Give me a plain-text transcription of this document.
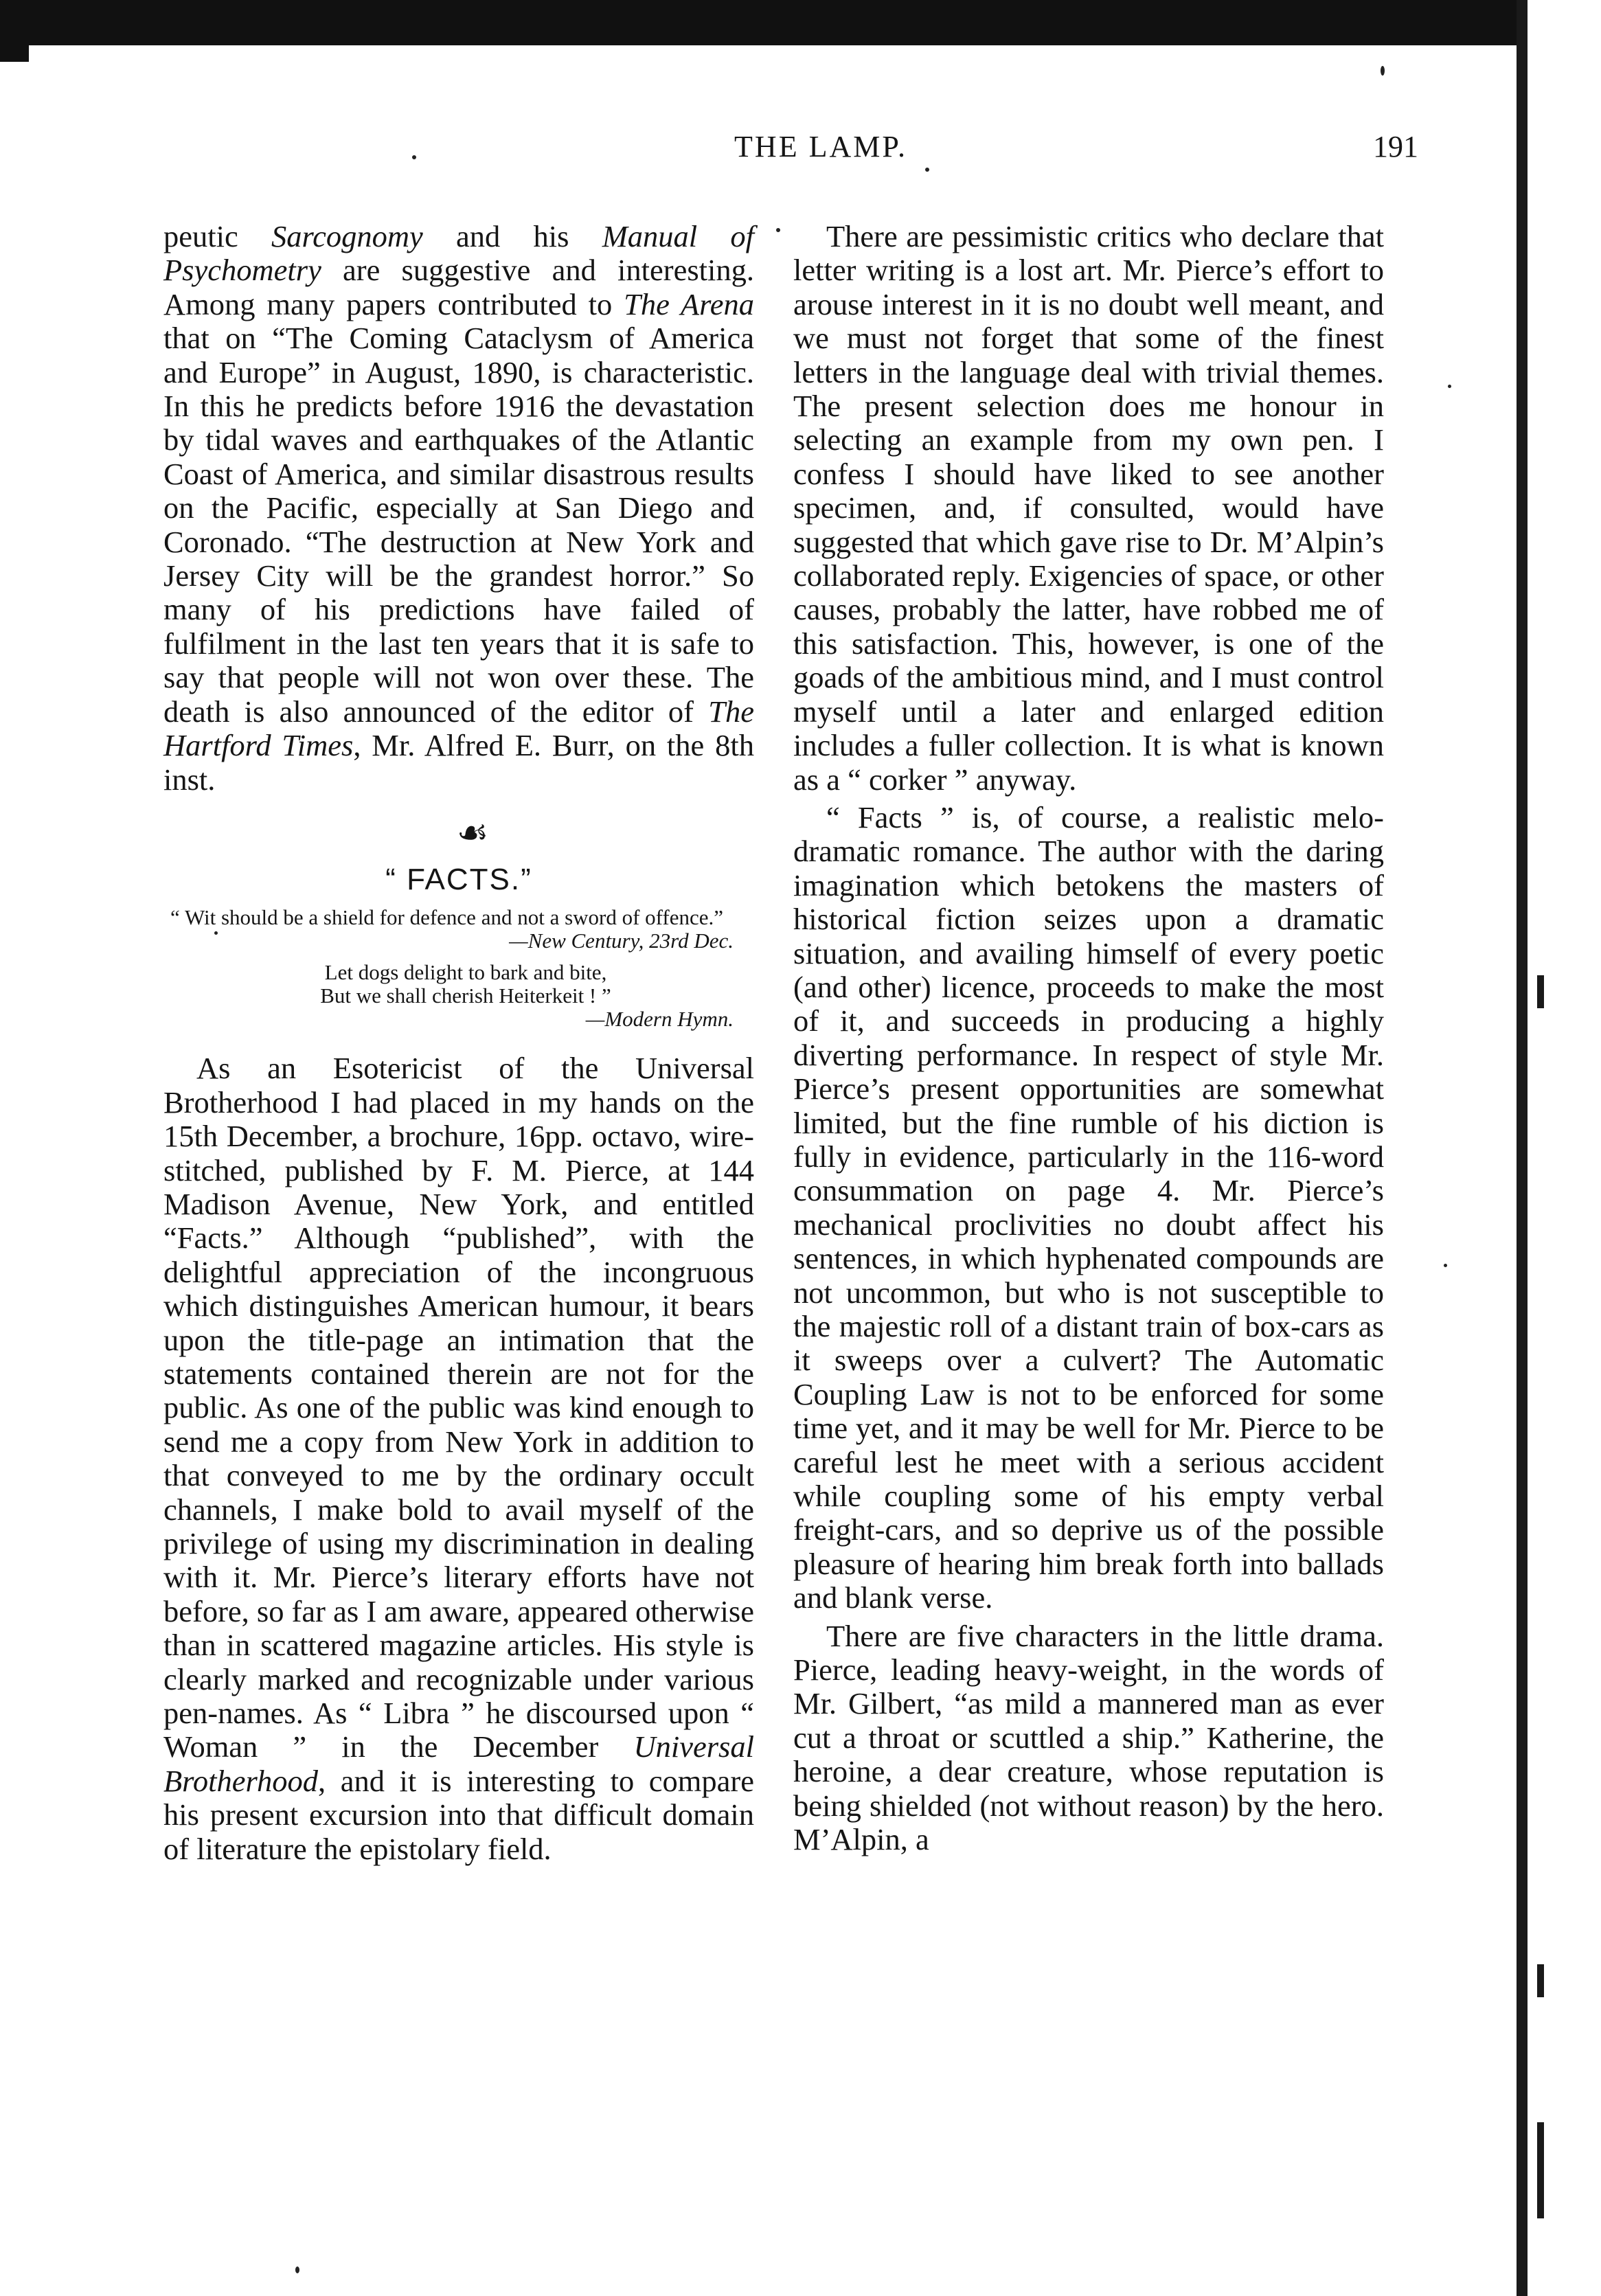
THE LAMP.	191

peutic Sarcognomy and his Manual of Psychometry are suggestive and interesting. Among many papers contributed to The Arena that on “The Coming Cataclysm of America and Europe” in August, 1890, is characteristic. In this he predicts before 1916 the devastation by tidal waves and earthquakes of the Atlantic Coast of America, and similar disastrous results on the Pacific, especially at San Diego and Coronado. “The destruction at New York and Jersey City will be the grandest horror.” So many of his predictions have failed of fulfilment in the last ten years that it is safe to say that people will not won over these. The death is also announced of the editor of The Hartford Times, Mr. Alfred E. Burr, on the 8th inst.

☙
“ FACTS.”
“ Wit should be a shield for defence and not a sword of offence.”
—New Century, 23rd Dec.
Let dogs delight to bark and bite,
But we shall cherish Heiterkeit ! ”
—Modern Hymn.

As an Esotericist of the Universal Brotherhood I had placed in my hands on the 15th December, a brochure, 16pp. octavo, wire-stitched, published by F. M. Pierce, at 144 Madison Avenue, New York, and entitled “Facts.” Although “published”, with the delightful appreciation of the incongruous which distinguishes American humour, it bears upon the title-page an intimation that the statements contained therein are not for the public. As one of the public was kind enough to send me a copy from New York in addition to that conveyed to me by the ordinary occult channels, I make bold to avail myself of the privilege of using my discrimination in dealing with it. Mr. Pierce’s literary efforts have not before, so far as I am aware, appeared otherwise than in scattered magazine articles. His style is clearly marked and recognizable under various pen-names. As “ Libra ” he discoursed upon “ Woman ” in the December Universal Brotherhood, and it is interesting to compare his present excursion into that difficult domain of literature the epistolary field.

There are pessimistic critics who declare that letter writing is a lost art. Mr. Pierce’s effort to arouse interest in it is no doubt well meant, and we must not forget that some of the finest letters in the language deal with trivial themes. The present selection does me honour in selecting an example from my own pen. I confess I should have liked to see another specimen, and, if consulted, would have suggested that which gave rise to Dr. M’Alpin’s collaborated reply. Exigencies of space, or other causes, probably the latter, have robbed me of this satisfaction. This, however, is one of the goads of the ambitious mind, and I must control myself until a later and enlarged edition includes a fuller collection. It is what is known as a “ corker ” anyway.

“ Facts ” is, of course, a realistic melo-dramatic romance. The author with the daring imagination which betokens the masters of historical fiction seizes upon a dramatic situation, and availing himself of every poetic (and other) licence, proceeds to make the most of it, and succeeds in producing a highly diverting performance. In respect of style Mr. Pierce’s present opportunities are somewhat limited, but the fine rumble of his diction is fully in evidence, particularly in the 116-word consummation on page 4. Mr. Pierce’s mechanical proclivities no doubt affect his sentences, in which hyphenated compounds are not uncommon, but who is not susceptible to the majestic roll of a distant train of box-cars as it sweeps over a culvert? The Automatic Coupling Law is not to be enforced for some time yet, and it may be well for Mr. Pierce to be careful lest he meet with a serious accident while coupling some of his empty verbal freight-cars, and so deprive us of the possible pleasure of hearing him break forth into ballads and blank verse.

There are five characters in the little drama. Pierce, leading heavy-weight, in the words of Mr. Gilbert, “as mild a mannered man as ever cut a throat or scuttled a ship.” Katherine, the heroine, a dear creature, whose reputation is being shielded (not without reason) by the hero. M’Alpin, a
